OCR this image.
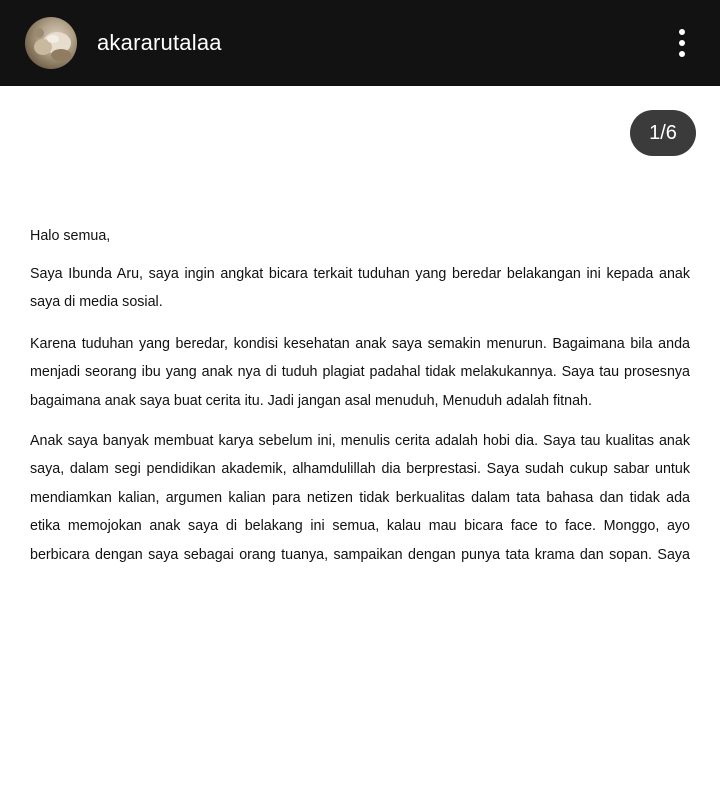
akararutalaa
1/6

Halo semua,

Saya Ibunda Aru, saya ingin angkat bicara terkait tuduhan yang beredar belakangan ini kepada anak saya di media sosial.

Karena tuduhan yang beredar, kondisi kesehatan anak saya semakin menurun. Bagaimana bila anda menjadi seorang ibu yang anak nya di tuduh plagiat padahal tidak melakukannya. Saya tau prosesnya bagaimana anak saya buat cerita itu. Jadi jangan asal menuduh, Menuduh adalah fitnah.

Anak saya banyak membuat karya sebelum ini, menulis cerita adalah hobi dia. Saya tau kualitas anak saya, dalam segi pendidikan akademik, alhamdulillah dia berprestasi. Saya sudah cukup sabar untuk mendiamkan kalian, argumen kalian para netizen tidak berkualitas dalam tata bahasa dan tidak ada etika memojokan anak saya di belakang ini semua, kalau mau bicara face to face. Monggo, ayo berbicara dengan saya sebagai orang tuanya, sampaikan dengan punya tata krama dan sopan. Saya
